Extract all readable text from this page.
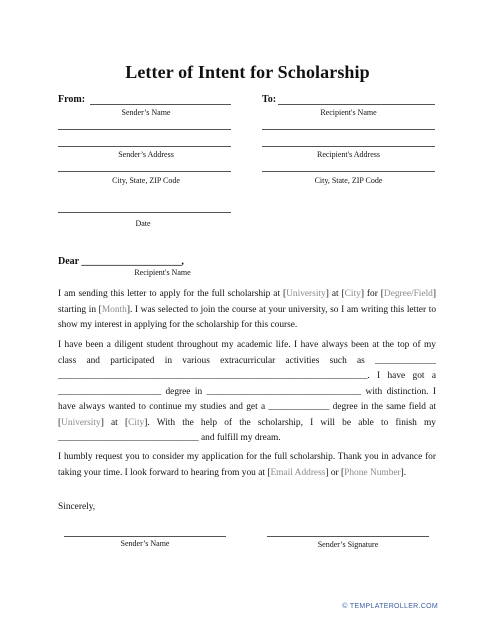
Letter of Intent for Scholarship
From:
Sender’s Name
Sender’s Address
City, State, ZIP Code
Date
To:
Recipient's Name
Recipient's Address
City, State, ZIP Code
Dear ____________________,
Recipient's Name
I am sending this letter to apply for the full scholarship at [University] at [City] for [Degree/Field] starting in [Month]. I was selected to join the course at your university, so I am writing this letter to show my interest in applying for the scholarship for this course.
I have been a diligent student throughout my academic life. I have always been at the top of my class and participated in various extracurricular activities such as _____________ __________________________________________________________________. I have got a ______________________ degree in _________________________________ with distinction. I have always wanted to continue my studies and get a _____________ degree in the same field at [University] at [City]. With the help of the scholarship, I will be able to finish my ______________________________ and fulfill my dream.
I humbly request you to consider my application for the full scholarship. Thank you in advance for taking your time. I look forward to hearing from you at [Email Address] or [Phone Number].
Sincerely,
Sender’s Name	Sender’s Signature
© TEMPLATEROLLER.COM
